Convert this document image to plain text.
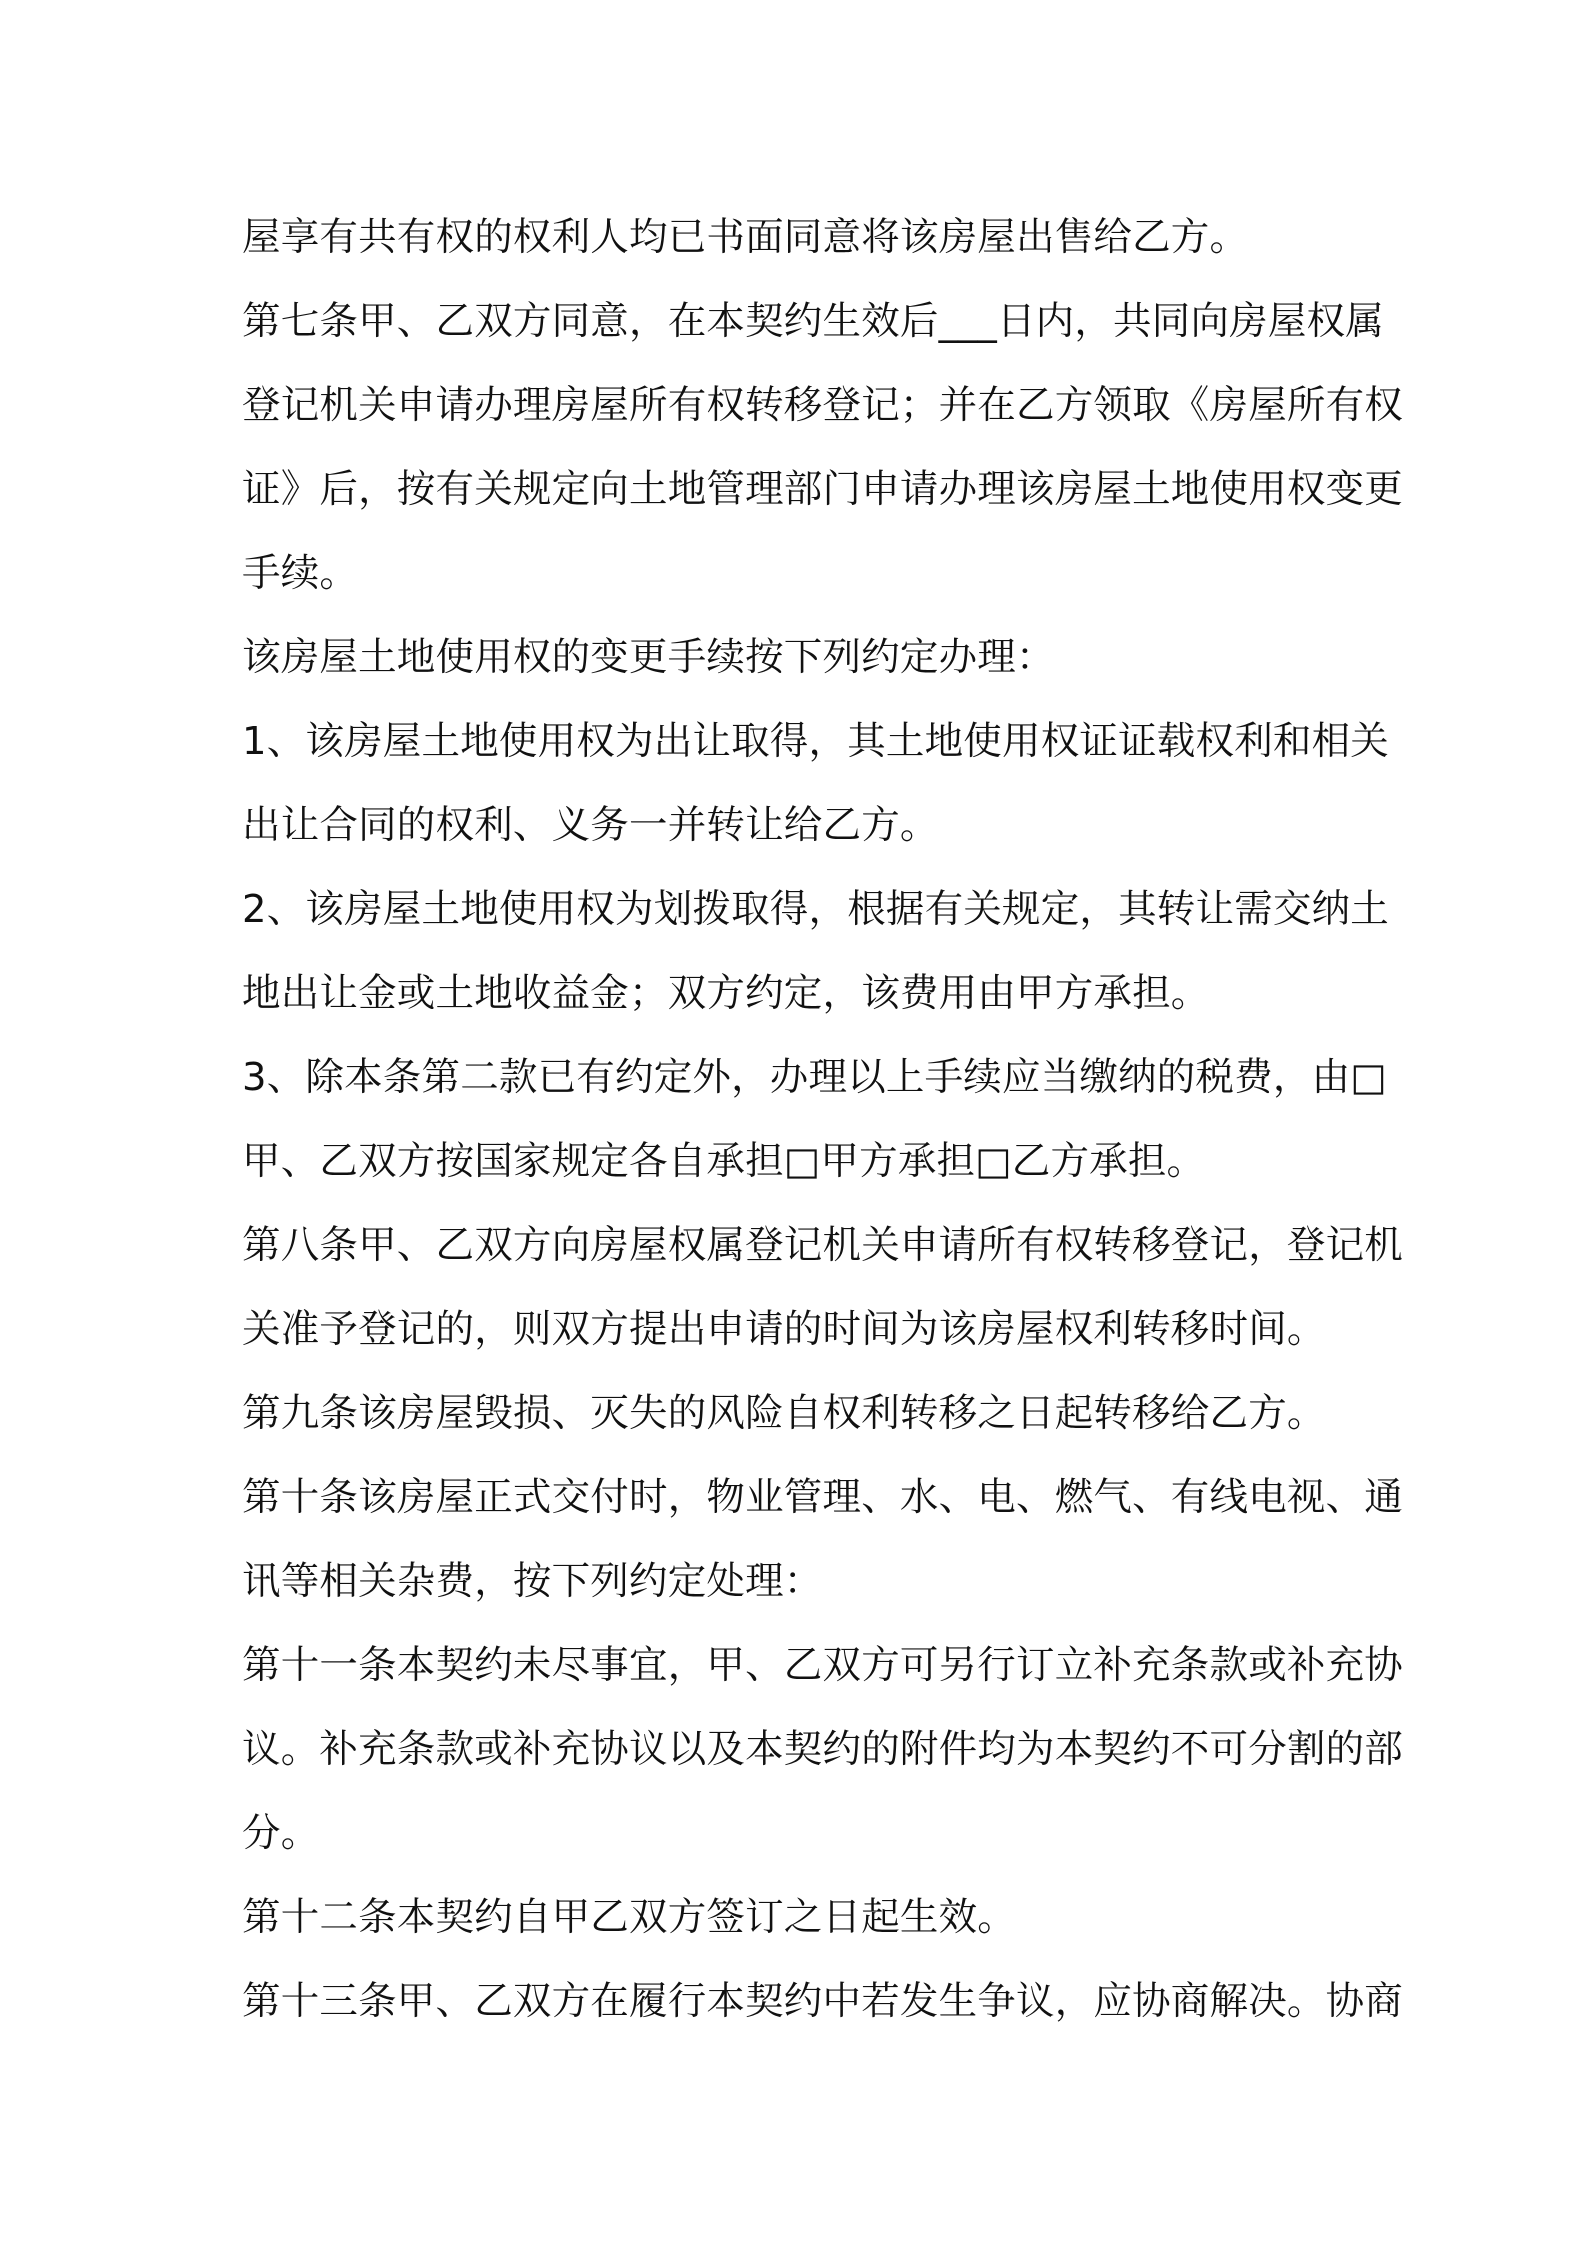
屋享有共有权的权利人均已书面同意将该房屋出售给乙方。
第七条甲、乙双方同意，在本契约生效后___日内，共同向房屋权属
登记机关申请办理房屋所有权转移登记；并在乙方领取《房屋所有权
证》后，按有关规定向土地管理部门申请办理该房屋土地使用权变更
手续。
该房屋土地使用权的变更手续按下列约定办理：
1、该房屋土地使用权为出让取得，其土地使用权证证载权利和相关
出让合同的权利、义务一并转让给乙方。
2、该房屋土地使用权为划拨取得，根据有关规定，其转让需交纳土
地出让金或土地收益金；双方约定，该费用由甲方承担。
3、除本条第二款已有约定外，办理以上手续应当缴纳的税费，由□
甲、乙双方按国家规定各自承担□甲方承担□乙方承担。
第八条甲、乙双方向房屋权属登记机关申请所有权转移登记，登记机
关准予登记的，则双方提出申请的时间为该房屋权利转移时间。
第九条该房屋毁损、灭失的风险自权利转移之日起转移给乙方。
第十条该房屋正式交付时，物业管理、水、电、燃气、有线电视、通
讯等相关杂费，按下列约定处理：
第十一条本契约未尽事宜，甲、乙双方可另行订立补充条款或补充协
议。补充条款或补充协议以及本契约的附件均为本契约不可分割的部
分。
第十二条本契约自甲乙双方签订之日起生效。
第十三条甲、乙双方在履行本契约中若发生争议，应协商解决。协商
